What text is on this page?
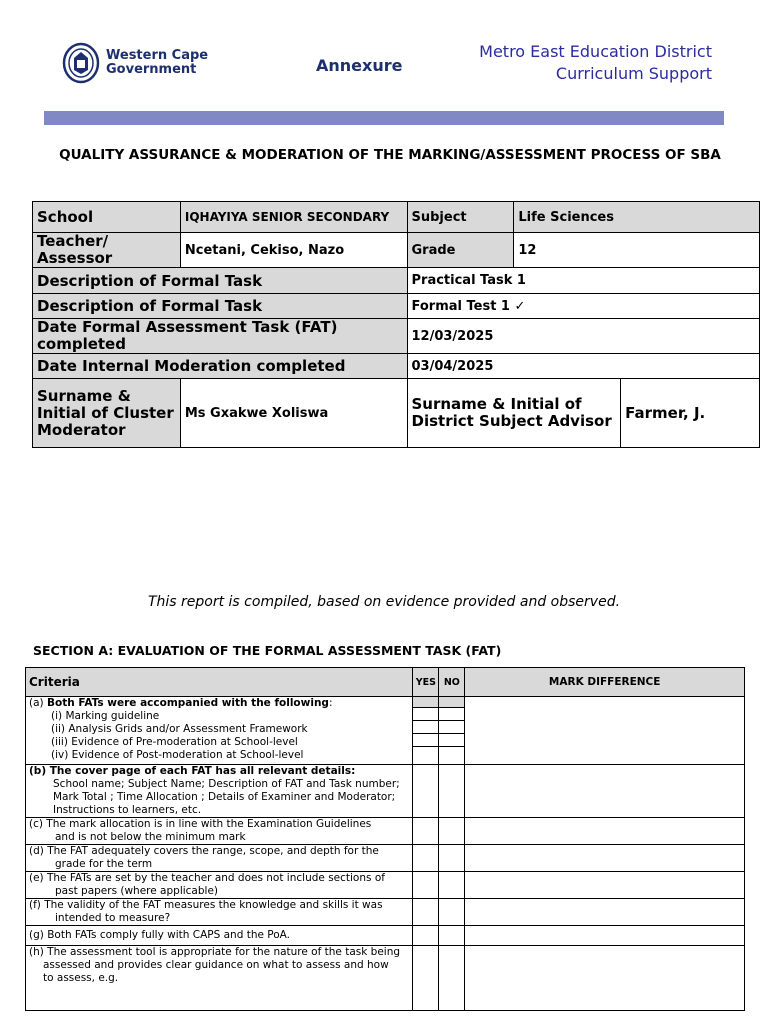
Western Cape
Government	Annexure
Metro East Education District
Curriculum Support
QUALITY ASSURANCE & MODERATION OF THE MARKING/ASSESSMENT PROCESS OF SBA
School	IQHAYIYA SENIOR SECONDARY	Subject	Life Sciences	
Teacher/ Assessor	Ncetani, Cekiso, Nazo	Grade	12	
Description of Formal Task		Practical Task 1		
Description of Formal Task		Formal Test 1 ✓		
Date Formal Assessment Task (FAT) completed		12/03/2025		
Date Internal Moderation completed		03/04/2025		
Surname & Initial of Cluster Moderator	Ms Gxakwe Xoliswa	Surname & Initial of District Subject Advisor		Farmer, J.
This report is compiled, based on evidence provided and observed.
SECTION A: EVALUATION OF THE FORMAL ASSESSMENT TASK (FAT)
Criteria	YES	NO	MARK DIFFERENCE
(a) Both FATs were accompanied with the following:
(i) Marking guideline
(ii) Analysis Grids and/or Assessment Framework
(iii) Evidence of Pre-moderation at School-level
(iv) Evidence of Post-moderation at School-level

(b) The cover page of each FAT has all relevant details:
School name; Subject Name; Description of FAT and Task number; Mark Total ; Time Allocation ; Details of Examiner and Moderator; Instructions to learners, etc.

(c) The mark allocation is in line with the Examination Guidelines
and is not below the minimum mark

(d) The FAT adequately covers the range, scope, and depth for the
grade for the term

(e) The FATs are set by the teacher and does not include sections of
past papers (where applicable)

(f) The validity of the FAT measures the knowledge and skills it was
intended to measure?

(g) Both FATs comply fully with CAPS and the PoA.			
(h) The assessment tool is appropriate for the nature of the task being
assessed and provides clear guidance on what to assess and how
to assess, e.g.
